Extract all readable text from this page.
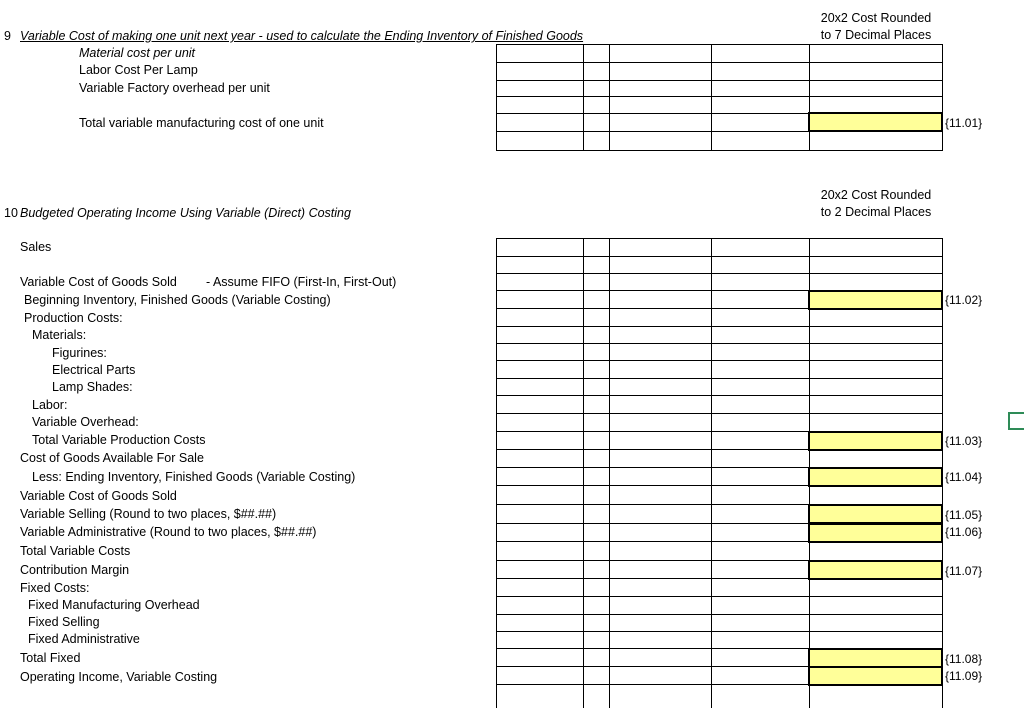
9 Variable Cost of making one unit next year - used to calculate the Ending Inventory of Finished Goods
20x2 Cost Rounded
to 7 Decimal Places
Material cost per unit
Labor Cost Per Lamp
Variable Factory overhead per unit
Total variable manufacturing cost of one unit	{11.01}
10 Budgeted Operating Income Using Variable (Direct) Costing
20x2 Cost Rounded
to 2 Decimal Places
Sales
Variable Cost of Goods Sold - Assume FIFO (First-In, First-Out)
Beginning Inventory, Finished Goods (Variable Costing)
Production Costs:
Materials:
Figurines:
Electrical Parts
Lamp Shades:
Labor:
Variable Overhead:
Total Variable Production Costs
Cost of Goods Available For Sale
Less: Ending Inventory, Finished Goods (Variable Costing)
Variable Cost of Goods Sold
Variable Selling (Round to two places, $##.##)
Variable Administrative (Round to two places, $##.##)
Total Variable Costs
Contribution Margin
Fixed Costs:
Fixed Manufacturing Overhead
Fixed Selling
Fixed Administrative
Total Fixed
Operating Income, Variable Costing
{11.02}
{11.03}
{11.04}
{11.05}
{11.06}
{11.07}
{11.08}
{11.09}
